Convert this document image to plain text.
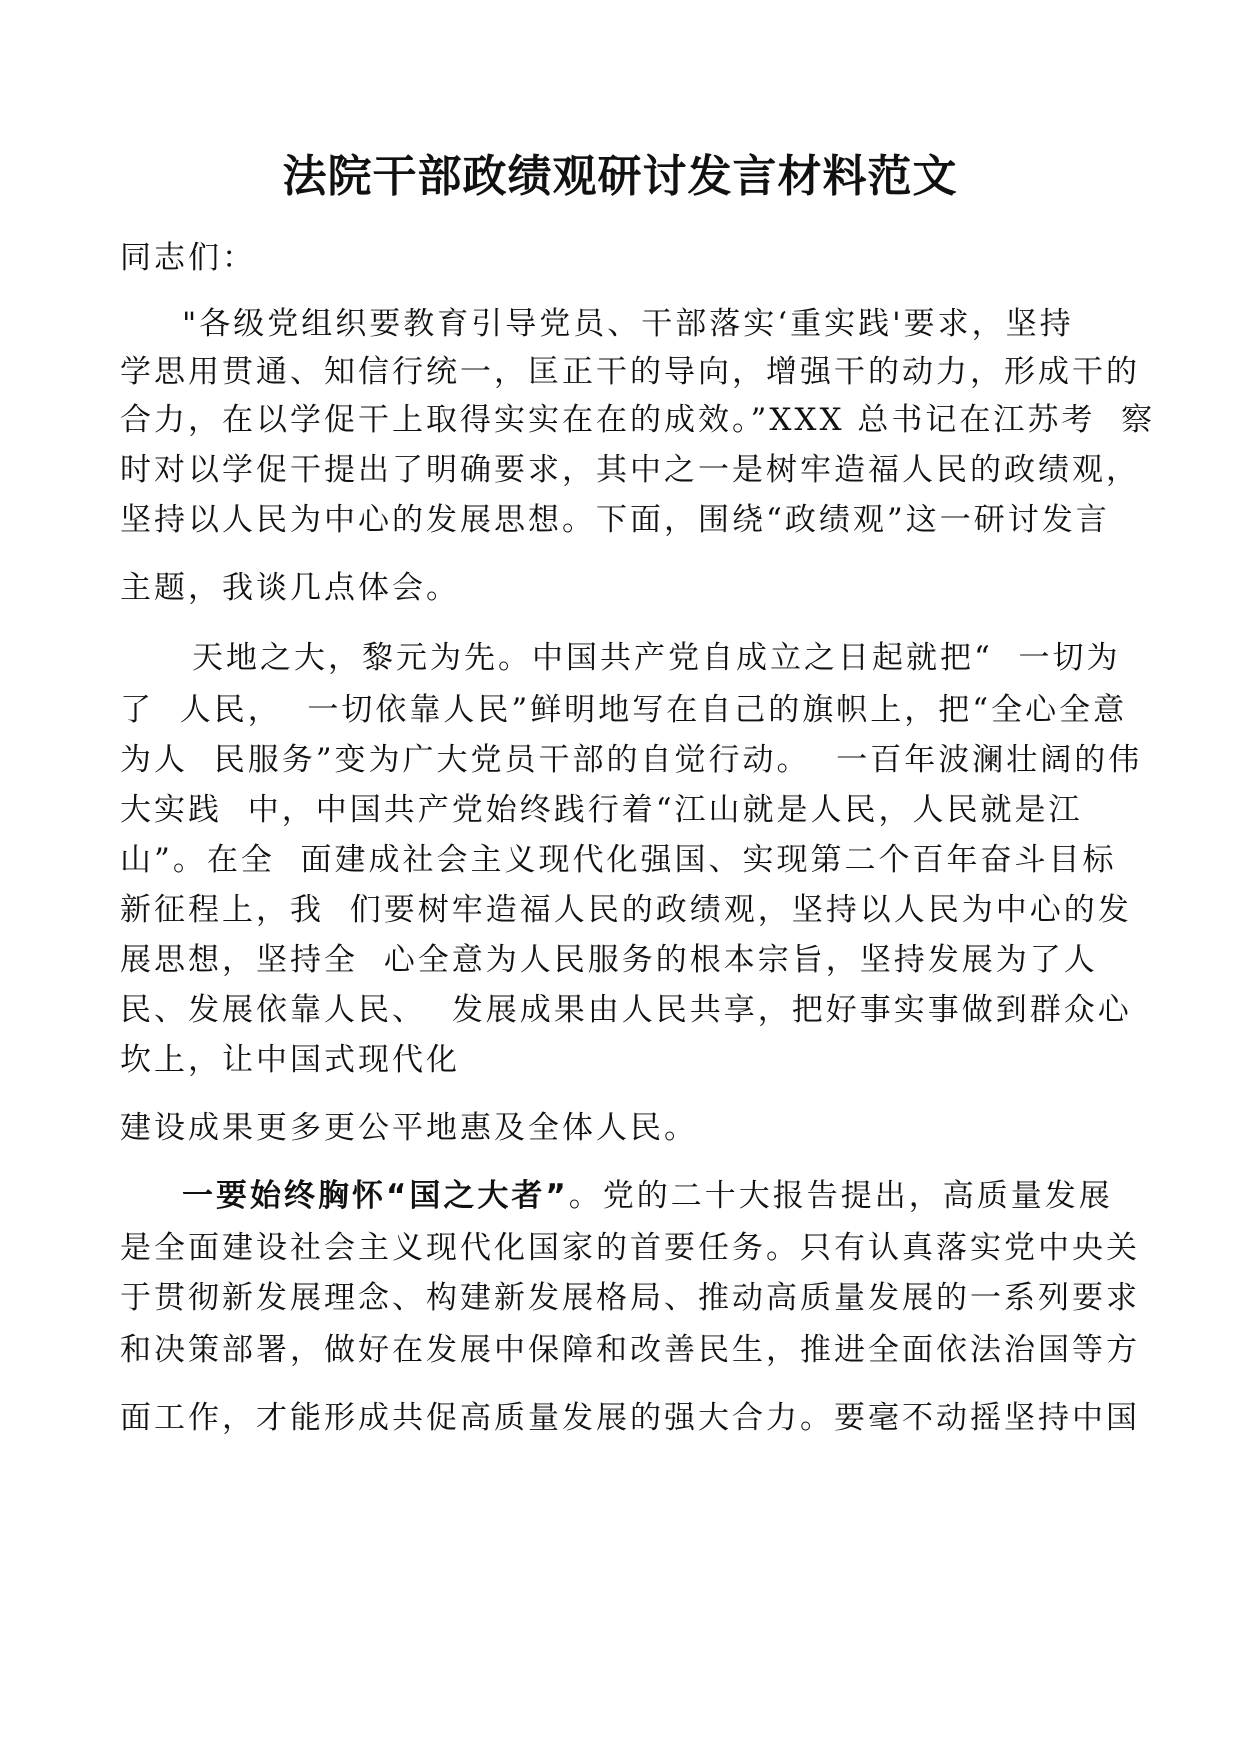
法院干部政绩观研讨发言材料范文
同志们：
"各级党组织要教育引导党员、干部落实‘重实践'要求，坚持
学思用贯通、知信行统一，匡正干的导向，增强干的动力，形成干的
合力，在以学促干上取得实实在在的成效。”XXX 总书记在江苏考  察
时对以学促干提出了明确要求，其中之一是树牢造福人民的政绩观，
坚持以人民为中心的发展思想。下面，围绕“政绩观”这一研讨发言
主题，我谈几点体会。
天地之大，黎元为先。中国共产党自成立之日起就把“  一切为
了  人民，  一切依靠人民”鲜明地写在自己的旗帜上，把“全心全意
为人  民服务”变为广大党员干部的自觉行动。  一百年波澜壮阔的伟
大实践  中，中国共产党始终践行着“江山就是人民，人民就是江
山”。在全  面建成社会主义现代化强国、实现第二个百年奋斗目标
新征程上，我  们要树牢造福人民的政绩观，坚持以人民为中心的发
展思想，坚持全  心全意为人民服务的根本宗旨，坚持发展为了人
民、发展依靠人民、  发展成果由人民共享，把好事实事做到群众心
坎上，让中国式现代化
建设成果更多更公平地惠及全体人民。
一要始终胸怀“国之大者”。党的二十大报告提出，高质量发展
是全面建设社会主义现代化国家的首要任务。只有认真落实党中央关
于贯彻新发展理念、构建新发展格局、推动高质量发展的一系列要求
和决策部署，做好在发展中保障和改善民生，推进全面依法治国等方
面工作，才能形成共促高质量发展的强大合力。要毫不动摇坚持中国
